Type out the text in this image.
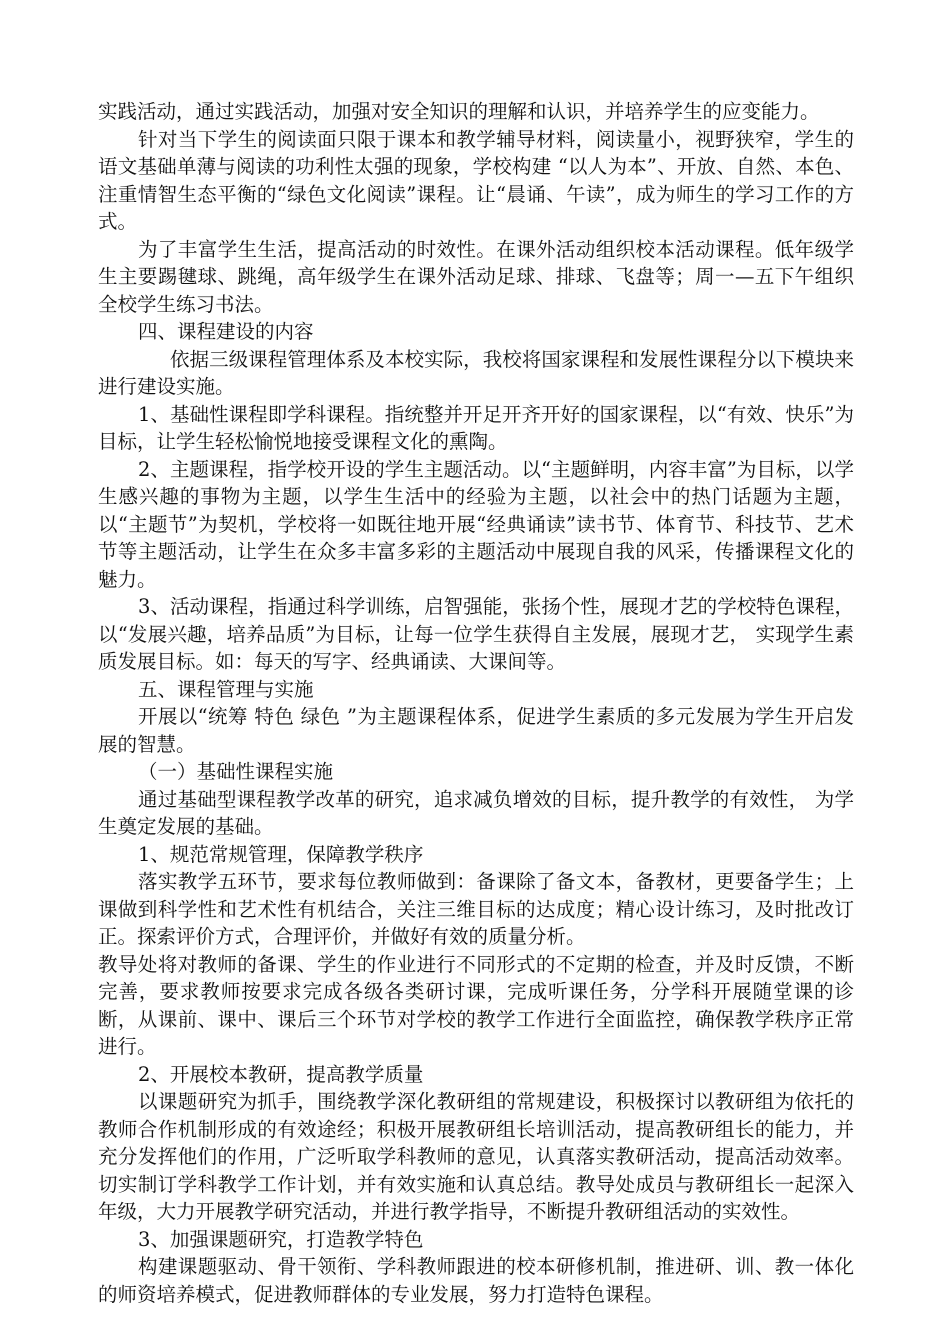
实践活动，通过实践活动，加强对安全知识的理解和认识，并培养学生的应变能力。

针对当下学生的阅读面只限于课本和教学辅导材料，阅读量小，视野狭窄，学生的语文基础单薄与阅读的功利性太强的现象，学校构建 “以人为本”、开放、自然、本色、注重情智生态平衡的“绿色文化阅读”课程。让“晨诵、午读”，成为师生的学习工作的方式。

为了丰富学生生活，提高活动的时效性。在课外活动组织校本活动课程。低年级学生主要踢毽球、跳绳，高年级学生在课外活动足球、排球、飞盘等；周一—五下午组织全校学生练习书法。

四、课程建设的内容

依据三级课程管理体系及本校实际，我校将国家课程和发展性课程分以下模块来进行建设实施。

1、基础性课程即学科课程。指统整并开足开齐开好的国家课程，以“有效、快乐”为目标，让学生轻松愉悦地接受课程文化的熏陶。

2、主题课程，指学校开设的学生主题活动。以“主题鲜明，内容丰富”为目标，以学生感兴趣的事物为主题，以学生生活中的经验为主题，以社会中的热门话题为主题，以“主题节”为契机，学校将一如既往地开展“经典诵读”读书节、体育节、科技节、艺术节等主题活动，让学生在众多丰富多彩的主题活动中展现自我的风采，传播课程文化的魅力。

3、活动课程，指通过科学训练，启智强能，张扬个性，展现才艺的学校特色课程，以“发展兴趣，培养品质”为目标，让每一位学生获得自主发展，展现才艺， 实现学生素质发展目标。如：每天的写字、经典诵读、大课间等。

五、课程管理与实施

开展以“统筹 特色 绿色 ”为主题课程体系，促进学生素质的多元发展为学生开启发展的智慧。

（一）基础性课程实施

通过基础型课程教学改革的研究，追求减负增效的目标，提升教学的有效性， 为学生奠定发展的基础。

1、规范常规管理，保障教学秩序

落实教学五环节，要求每位教师做到：备课除了备文本，备教材，更要备学生；上课做到科学性和艺术性有机结合，关注三维目标的达成度；精心设计练习，及时批改订正。探索评价方式，合理评价，并做好有效的质量分析。

教导处将对教师的备课、学生的作业进行不同形式的不定期的检查，并及时反馈，不断完善，要求教师按要求完成各级各类研讨课，完成听课任务，分学科开展随堂课的诊断，从课前、课中、课后三个环节对学校的教学工作进行全面监控，确保教学秩序正常进行。

2、开展校本教研，提高教学质量

以课题研究为抓手，围绕教学深化教研组的常规建设，积极探讨以教研组为依托的教师合作机制形成的有效途经；积极开展教研组长培训活动，提高教研组长的能力，并充分发挥他们的作用，广泛听取学科教师的意见，认真落实教研活动，提高活动效率。切实制订学科教学工作计划，并有效实施和认真总结。教导处成员与教研组长一起深入年级，大力开展教学研究活动，并进行教学指导，不断提升教研组活动的实效性。

3、加强课题研究，打造教学特色

构建课题驱动、骨干领衔、学科教师跟进的校本研修机制，推进研、训、教一体化的师资培养模式，促进教师群体的专业发展，努力打造特色课程。
